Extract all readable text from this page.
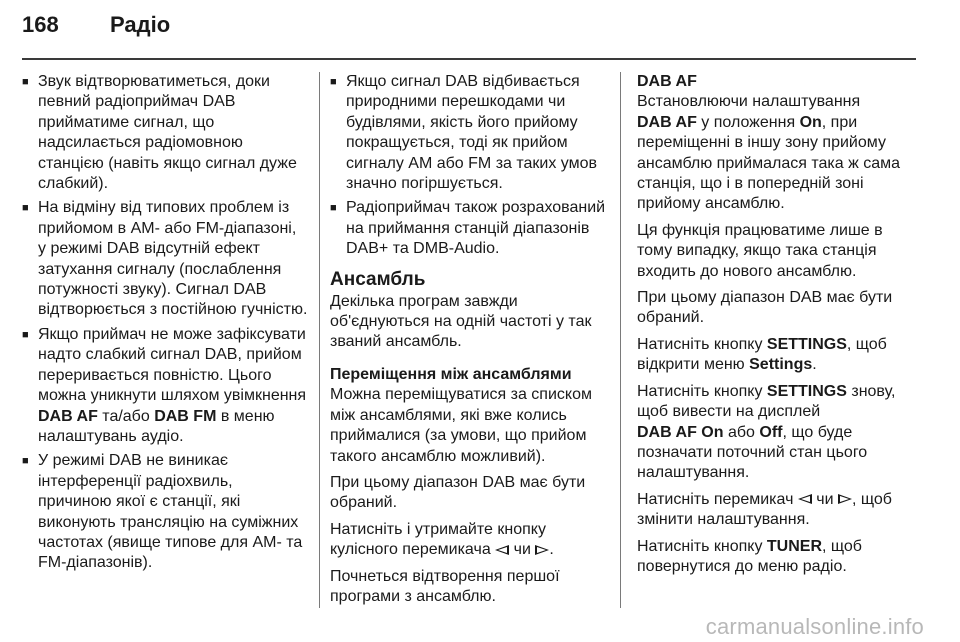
168	Радіо
■ Звук відтворюватиметься, доки певний радіоприймач DAB прийматиме сигнал, що надсилається радіомовною станцією (навіть якщо сигнал дуже слабкий).
■ На відміну від типових проблем із прийомом в AM- або FM-діапазоні, у режимі DAB відсутній ефект затухання сигналу (послаблення потужності звуку). Сигнал DAB відтворюється з постійною гучністю.
■ Якщо приймач не може зафіксувати надто слабкий сигнал DAB, прийом переривається повністю. Цього можна уникнути шляхом увімкнення DAB AF та/або DAB FM в меню налаштувань аудіо.
■ У режимі DAB не виникає інтерференції радіохвиль, причиною якої є станції, які виконують трансляцію на суміжних частотах (явище типове для AM- та FM-діапазонів).
■ Якщо сигнал DAB відбивається природними перешкодами чи будівлями, якість його прийому покращується, тоді як прийом сигналу AM або FM за таких умов значно погіршується.
■ Радіоприймач також розрахований на приймання станцій діапазонів DAB+ та DMB-Audio.
Ансамбль

Декілька програм завжди об'єднуються на одній частоті у так званий ансамбль.

Переміщення між ансамблями

Можна переміщуватися за списком між ансамблями, які вже колись приймалися (за умови, що прийом такого ансамблю можливий).

При цьому діапазон DAB має бути обраний.

Натисніть і утримайте кнопку кулісного перемикача  чи .

Почнеться відтворення першої програми з ансамблю.

DAB AF

Встановлюючи налаштування
DAB AF у положення On, при переміщенні в іншу зону прийому ансамблю приймалася така ж сама станція, що і в попередній зоні прийому ансамблю.

Ця функція працюватиме лише в тому випадку, якщо така станція входить до нового ансамблю.

При цьому діапазон DAB має бути обраний.

Натисніть кнопку SETTINGS, щоб відкрити меню Settings.

Натисніть кнопку SETTINGS знову, щоб вивести на дисплей
DAB AF On або Off, що буде позначати поточний стан цього налаштування.

Натисніть перемикач  чи , щоб змінити налаштування.

Натисніть кнопку TUNER, щоб повернутися до меню радіо.

carmanualsonline.info
